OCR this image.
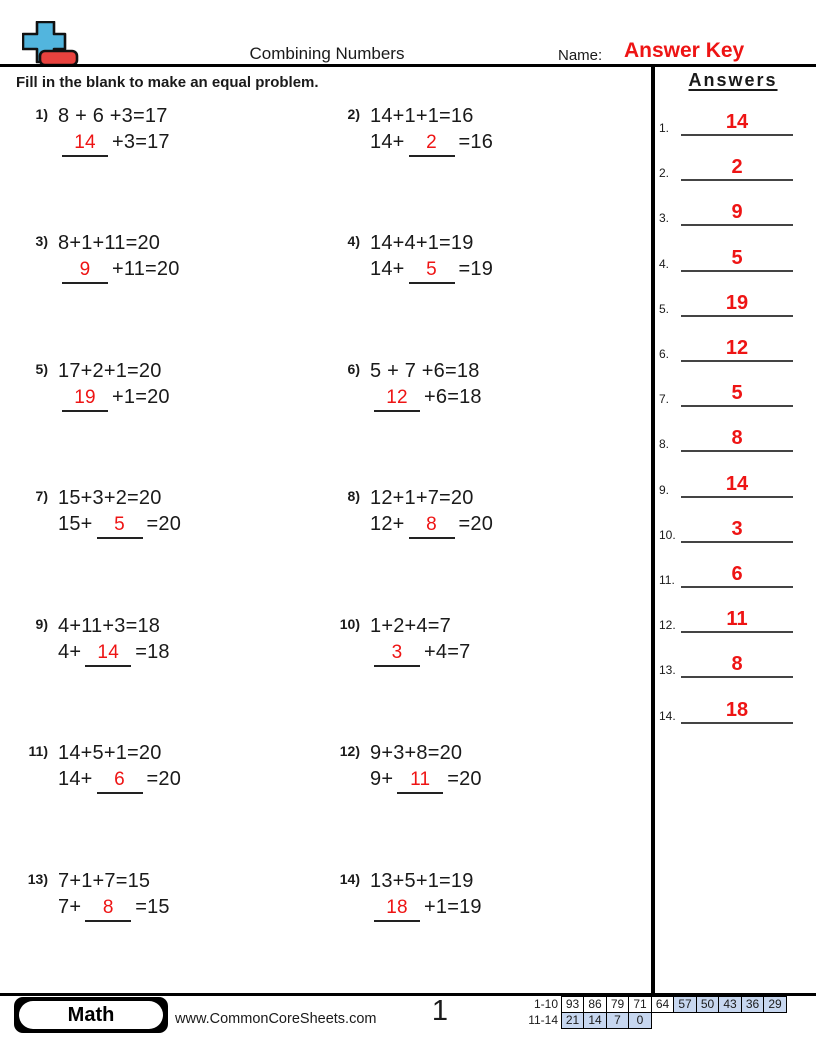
Combining Numbers	Name: Answer Key
Fill in the blank to make an equal problem.	Answers
1.	14
2.	2
3.	9
4.	5
5.	19
6.	12
7.	5
8.	8
9.	14
10.	3
11.	6
12.	11
13.	8
14.	18
1) 8 + 6 +3=17
14 +3=17
2) 14+1+1=16
14+ 2 =16
3) 8+1+11=20
9 +11=20
4) 14+4+1=19
14+ 5 =19
5) 17+2+1=20
19 +1=20
6) 5 + 7 +6=18
12 +6=18
7) 15+3+2=20
15+ 5 =20
8) 12+1+7=20
12+ 8 =20
9) 4+11+3=18
4+ 14 =18
10) 1+2+4=7
3 +4=7
11) 14+5+1=20
14+ 6 =20
12) 9+3+8=20
9+ 11 =20
13) 7+1+7=15
7+ 8 =15
14) 13+5+1=19
18 +1=19
Math	www.CommonCoreSheets.com 1	1-10 93 86 79 71 64 57 50 43 36 29
11-14 21 14	7	0
